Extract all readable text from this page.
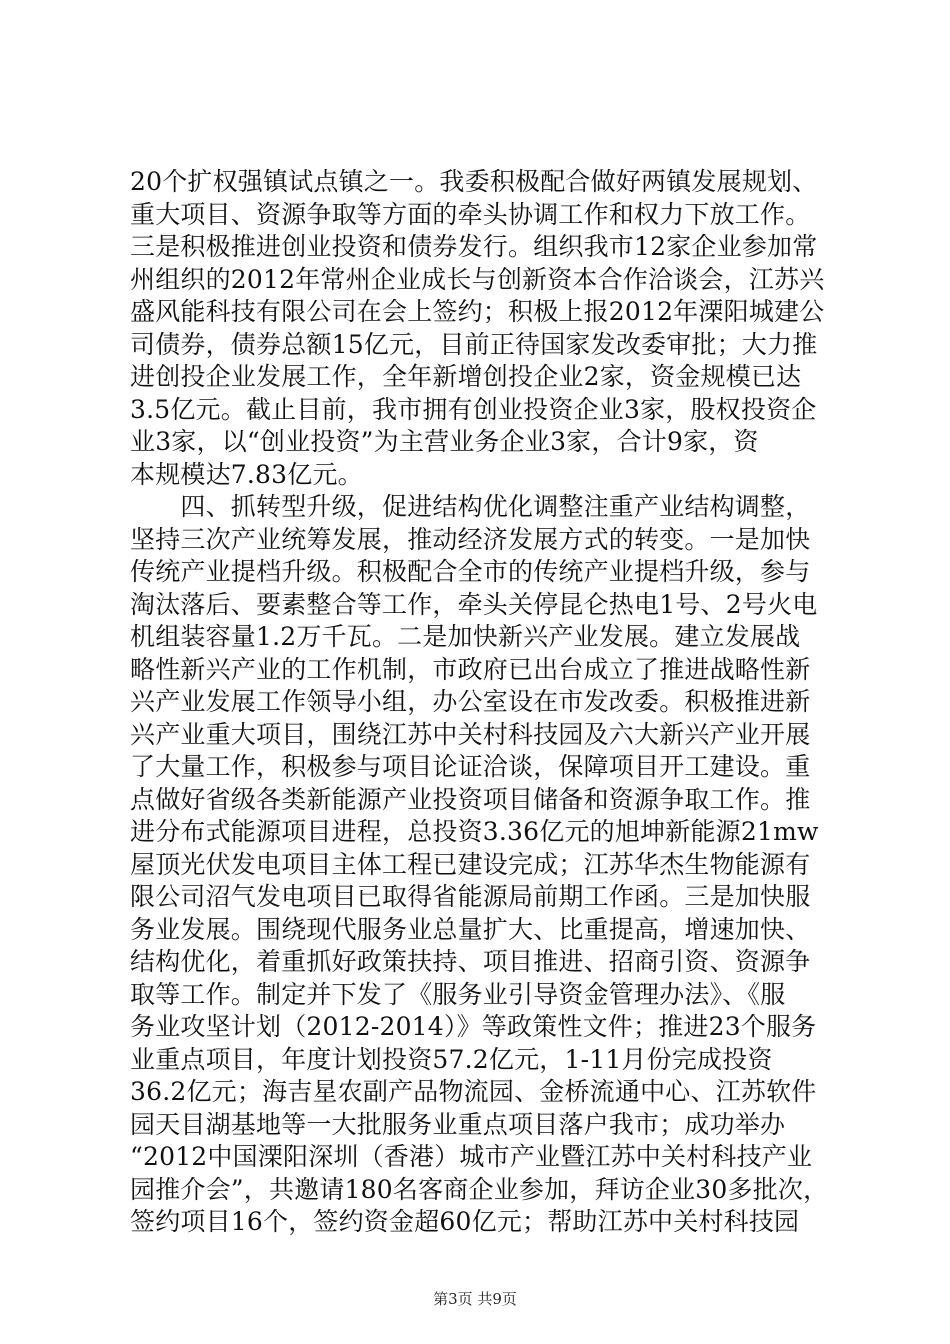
20个扩权强镇试点镇之一。我委积极配合做好两镇发展规划、
重大项目、资源争取等方面的牵头协调工作和权力下放工作。
三是积极推进创业投资和债券发行。组织我市12家企业参加常
州组织的2012年常州企业成长与创新资本合作洽谈会，江苏兴
盛风能科技有限公司在会上签约；积极上报2012年溧阳城建公
司债券，债券总额15亿元，目前正待国家发改委审批；大力推
进创投企业发展工作，全年新增创投企业2家，资金规模已达
3.5亿元。截止目前，我市拥有创业投资企业3家，股权投资企
业3家，以“创业投资”为主营业务企业3家，合计9家，资
本规模达7.83亿元。
　　四、抓转型升级，促进结构优化调整注重产业结构调整，
坚持三次产业统筹发展，推动经济发展方式的转变。一是加快
传统产业提档升级。积极配合全市的传统产业提档升级，参与
淘汰落后、要素整合等工作，牵头关停昆仑热电1号、2号火电
机组装容量1.2万千瓦。二是加快新兴产业发展。建立发展战
略性新兴产业的工作机制，市政府已出台成立了推进战略性新
兴产业发展工作领导小组，办公室设在市发改委。积极推进新
兴产业重大项目，围绕江苏中关村科技园及六大新兴产业开展
了大量工作，积极参与项目论证洽谈，保障项目开工建设。重
点做好省级各类新能源产业投资项目储备和资源争取工作。推
进分布式能源项目进程，总投资3.36亿元的旭坤新能源21mw
屋顶光伏发电项目主体工程已建设完成；江苏华杰生物能源有
限公司沼气发电项目已取得省能源局前期工作函。三是加快服
务业发展。围绕现代服务业总量扩大、比重提高，增速加快、
结构优化，着重抓好政策扶持、项目推进、招商引资、资源争
取等工作。制定并下发了《服务业引导资金管理办法》、《服
务业攻坚计划（2012-2014）》等政策性文件；推进23个服务
业重点项目，年度计划投资57.2亿元，1-11月份完成投资
36.2亿元；海吉星农副产品物流园、金桥流通中心、江苏软件
园天目湖基地等一大批服务业重点项目落户我市；成功举办
“2012中国溧阳深圳（香港）城市产业暨江苏中关村科技产业
园推介会”，共邀请180名客商企业参加，拜访企业30多批次，
签约项目16个，签约资金超60亿元；帮助江苏中关村科技园
第3页 共9页
